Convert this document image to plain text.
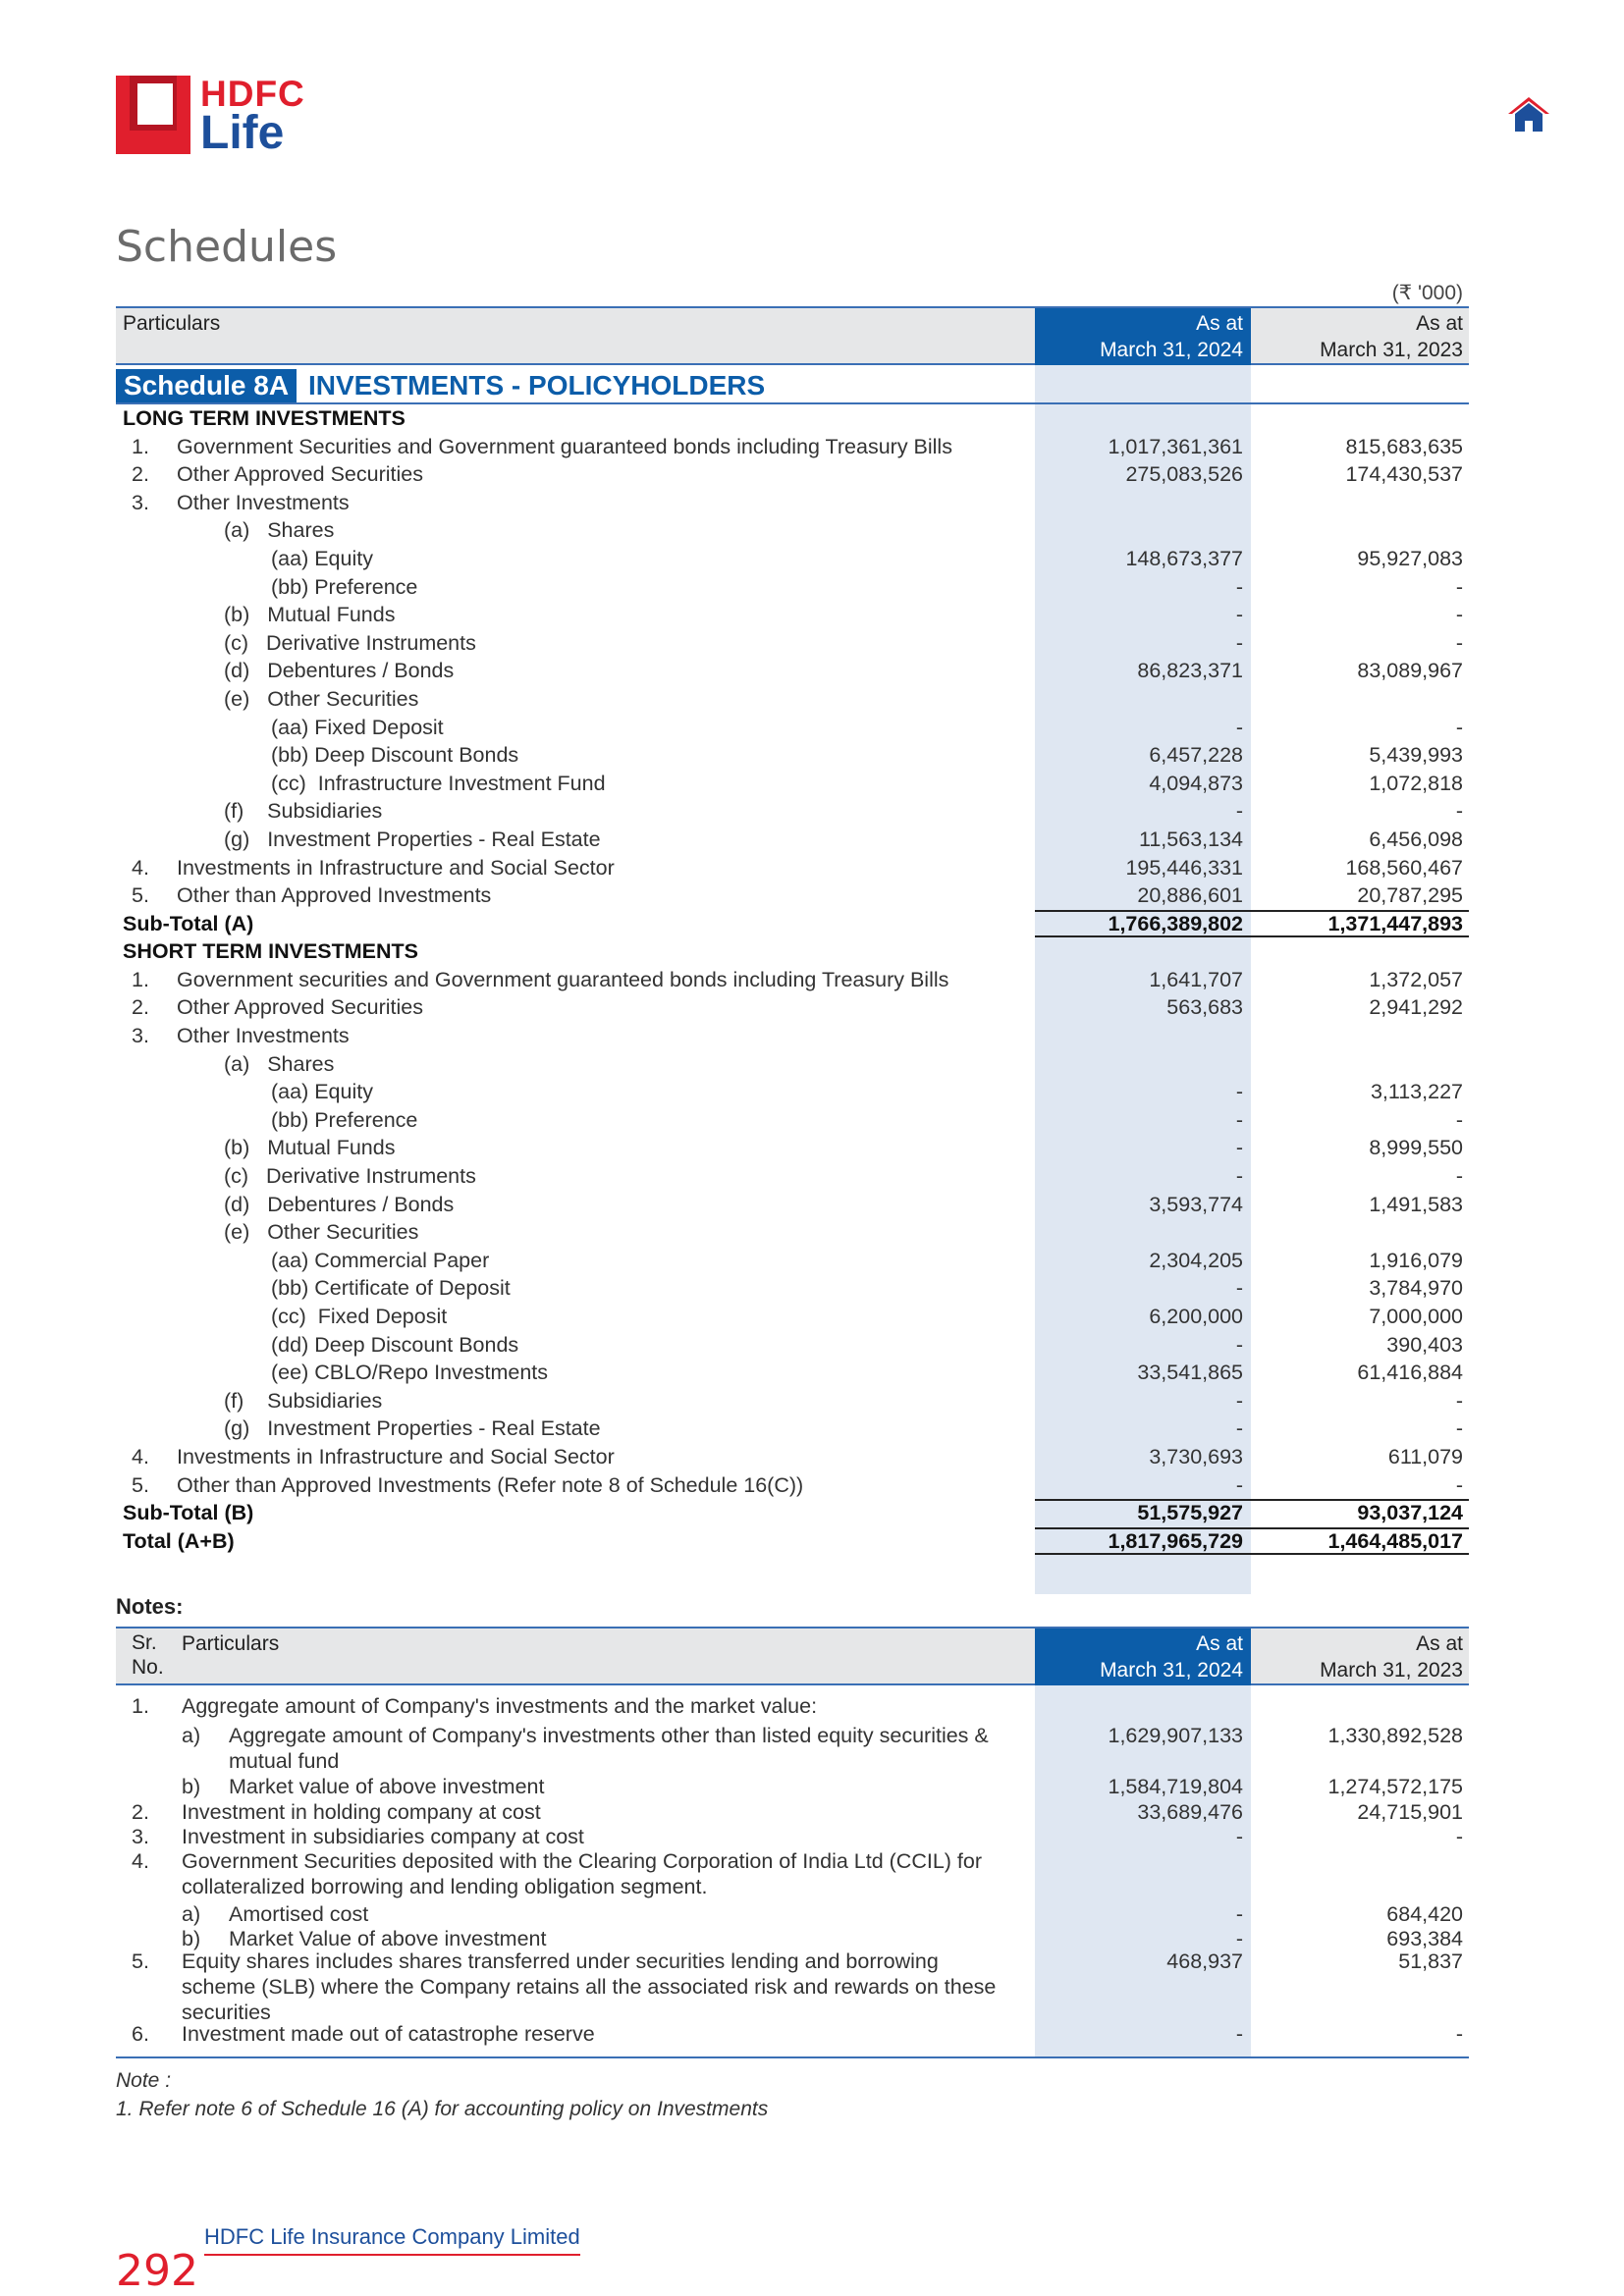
HDFC
Life
Schedules
(₹ '000)
Particulars	As at
March 31, 2024
As at
March 31, 2023
Schedule 8A INVESTMENTS - POLICYHOLDERS
LONG TERM INVESTMENTS
1. Government Securities and Government guaranteed bonds including Treasury Bills	1,017,361,361	815,683,635
2. Other Approved Securities	275,083,526	174,430,537
3. Other Investments
(a)   Shares
(aa) Equity	148,673,377	95,927,083
(bb) Preference	-	-
(b)   Mutual Funds	-	-
(c)   Derivative Instruments	-	-
(d)   Debentures / Bonds	86,823,371	83,089,967
(e)   Other Securities
(aa) Fixed Deposit	-	-
(bb) Deep Discount Bonds	6,457,228	5,439,993
(cc)  Infrastructure Investment Fund	4,094,873	1,072,818
(f)    Subsidiaries	-	-
(g)   Investment Properties - Real Estate	11,563,134	6,456,098
4. Investments in Infrastructure and Social Sector	195,446,331	168,560,467
5. Other than Approved Investments	20,886,601	20,787,295
Sub-Total (A)	1,766,389,802	1,371,447,893
SHORT TERM INVESTMENTS
1. Government securities and Government guaranteed bonds including Treasury Bills	1,641,707	1,372,057
2. Other Approved Securities	563,683	2,941,292
3. Other Investments
(a)   Shares
(aa) Equity	-	3,113,227
(bb) Preference	-	-
(b)   Mutual Funds	-	8,999,550
(c)   Derivative Instruments	-	-
(d)   Debentures / Bonds	3,593,774	1,491,583
(e)   Other Securities
(aa) Commercial Paper	2,304,205	1,916,079
(bb) Certificate of Deposit	-	3,784,970
(cc)  Fixed Deposit	6,200,000	7,000,000
(dd) Deep Discount Bonds	-	390,403
(ee) CBLO/Repo Investments	33,541,865	61,416,884
(f)    Subsidiaries	-	-
(g)   Investment Properties - Real Estate	-	-
4. Investments in Infrastructure and Social Sector	3,730,693	611,079
5. Other than Approved Investments (Refer note 8 of Schedule 16(C))	-	-
Sub-Total (B)	51,575,927	93,037,124
Total (A+B)	1,817,965,729	1,464,485,017
Notes:
Sr.
No.
Particulars	As at
March 31, 2024
As at
March 31, 2023
1. Aggregate amount of Company's investments and the market value:
a) Aggregate amount of Company's investments other than listed equity securities &
mutual fund
1,629,907,133	1,330,892,528
b) Market value of above investment	1,584,719,804	1,274,572,175
2. Investment in holding company at cost	33,689,476	24,715,901
3. Investment in subsidiaries company at cost	-	-
4. Government Securities deposited with the Clearing Corporation of India Ltd (CCIL) for
collateralized borrowing and lending obligation segment.
a) Amortised cost	-	684,420
b) Market Value of above investment	-	693,384
5. Equity shares includes shares transferred under securities lending and borrowing
scheme (SLB) where the Company retains all the associated risk and rewards on these
securities
468,937	51,837
6. Investment made out of catastrophe reserve	-	-
Note :
1. Refer note 6 of Schedule 16 (A) for accounting policy on Investments
292
HDFC Life Insurance Company Limited
